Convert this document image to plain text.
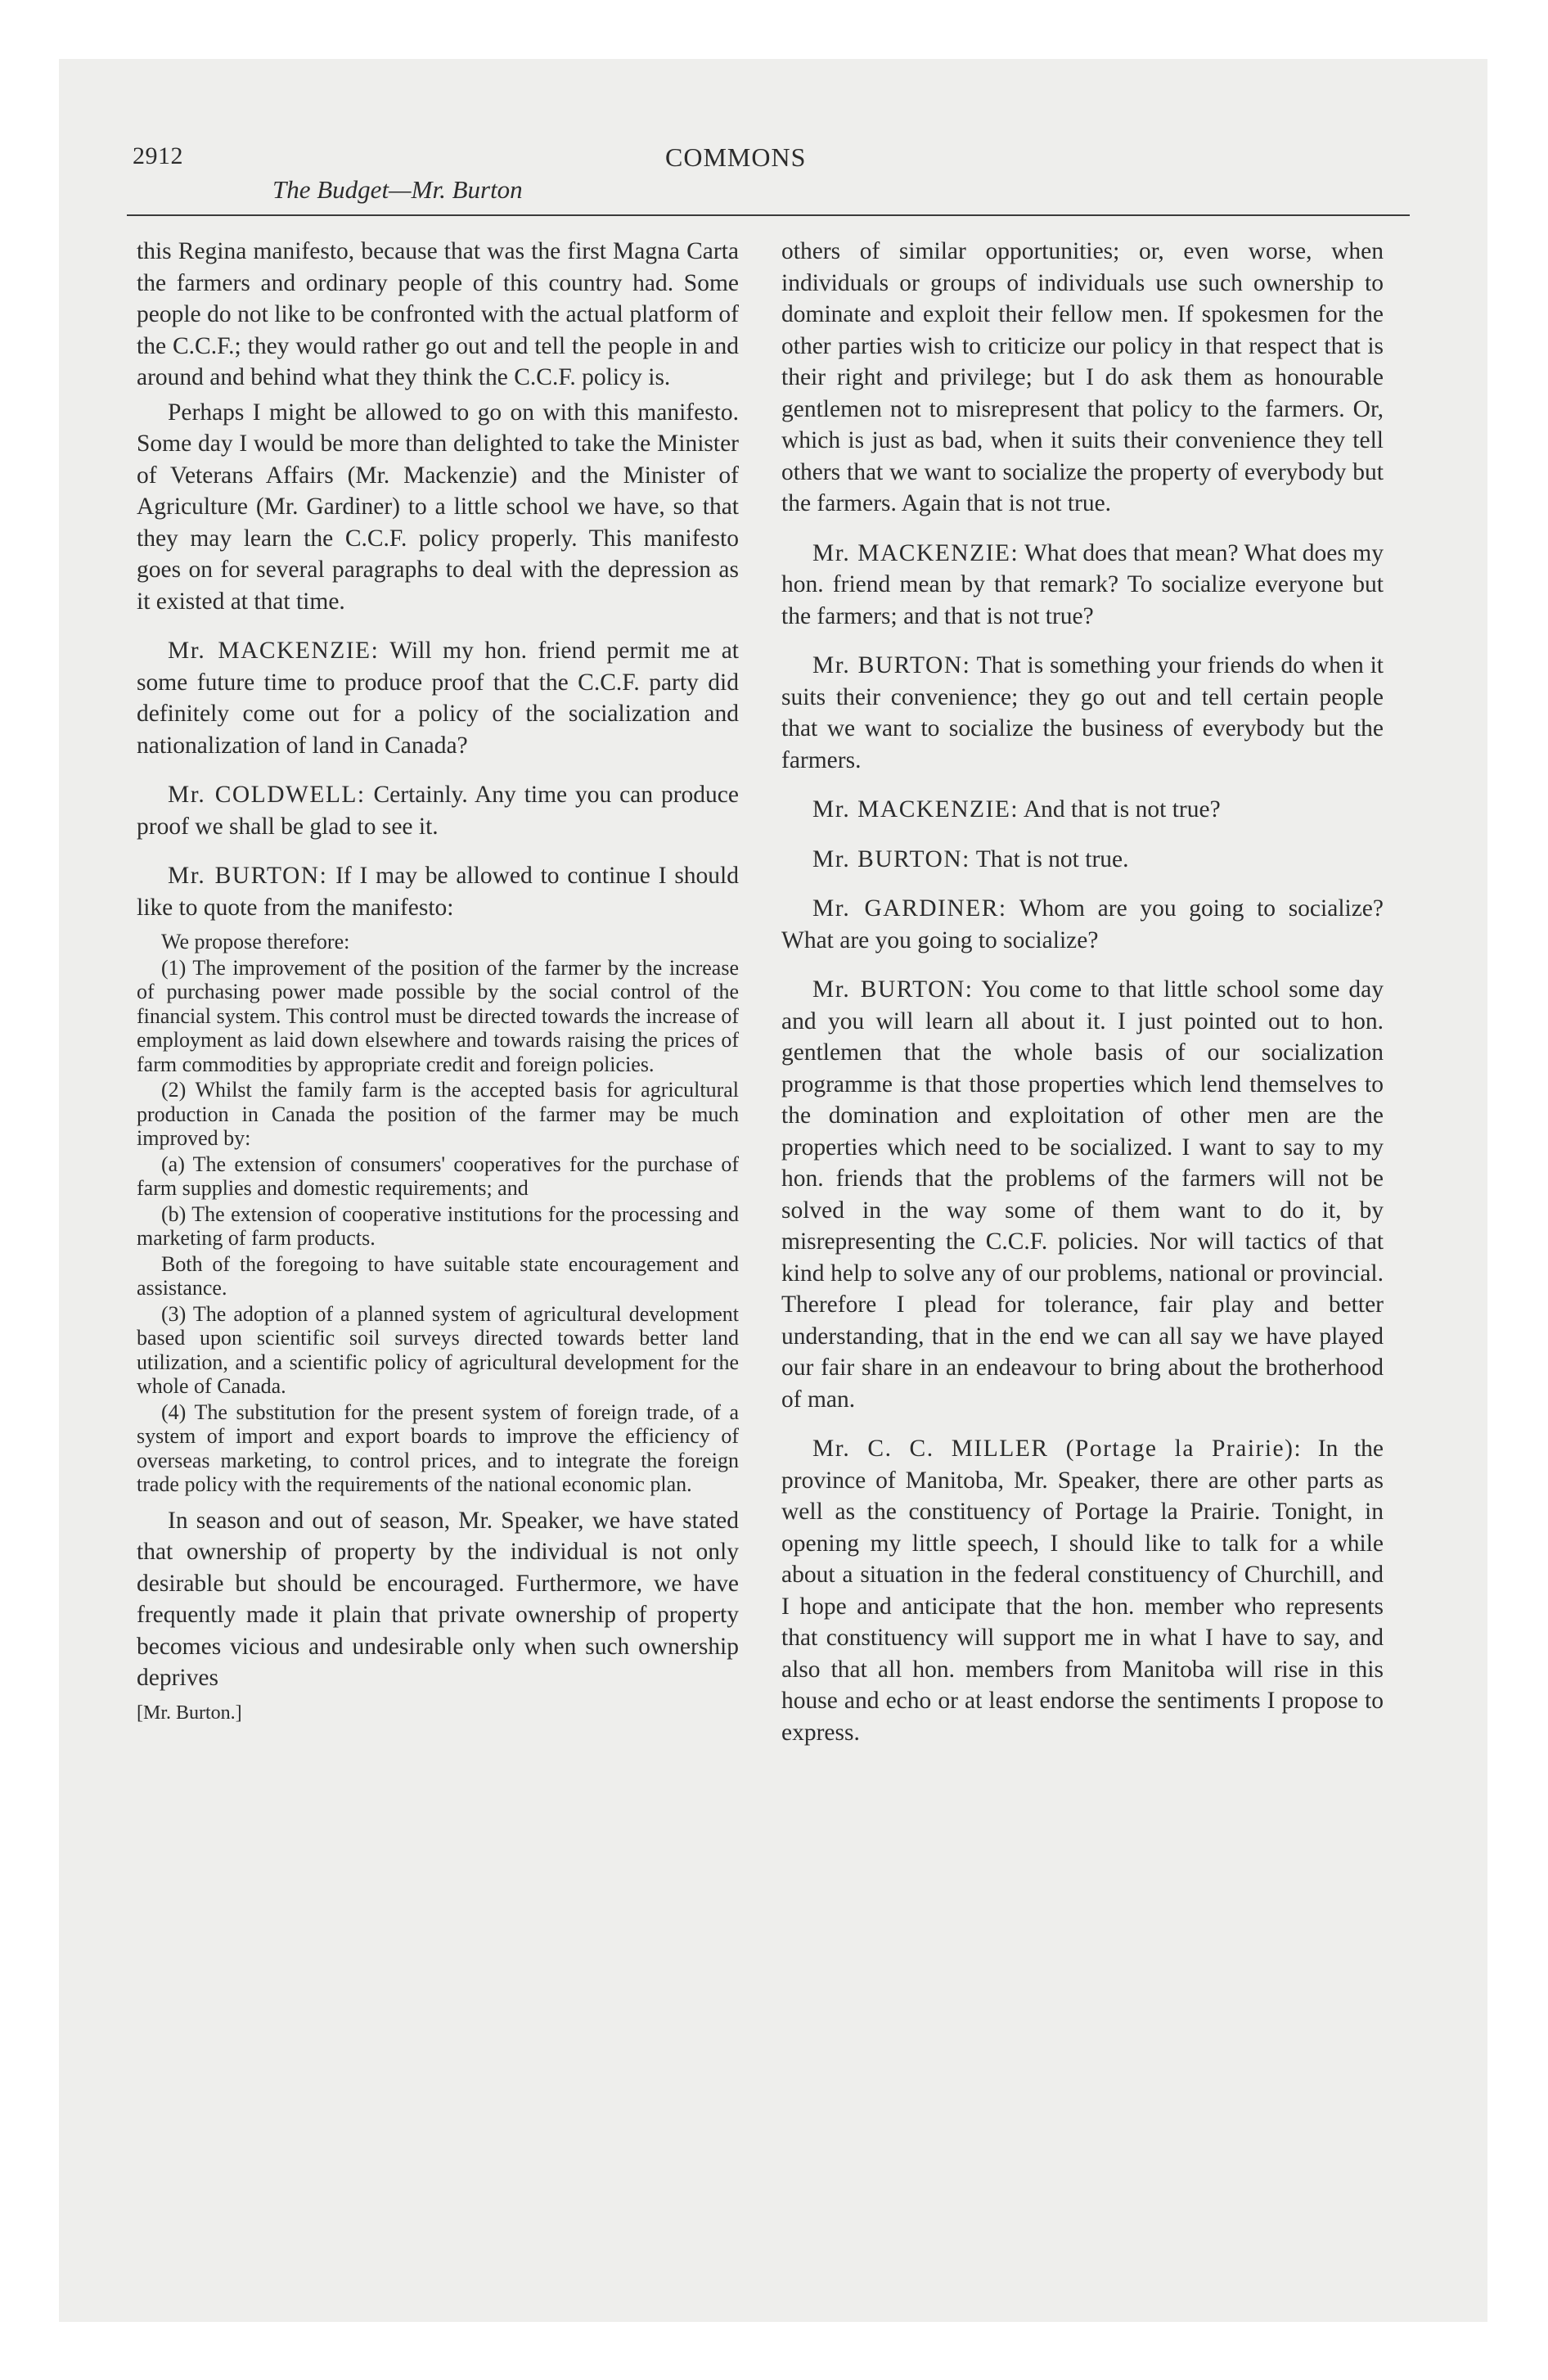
2912	COMMONS
The Budget—Mr. Burton

this Regina manifesto, because that was the first Magna Carta the farmers and ordinary people of this country had. Some people do not like to be confronted with the actual platform of the C.C.F.; they would rather go out and tell the people in and around and behind what they think the C.C.F. policy is.

Perhaps I might be allowed to go on with this manifesto. Some day I would be more than delighted to take the Minister of Veterans Affairs (Mr. Mackenzie) and the Minister of Agriculture (Mr. Gardiner) to a little school we have, so that they may learn the C.C.F. policy properly. This manifesto goes on for several paragraphs to deal with the depression as it existed at that time.

Mr. MACKENZIE: Will my hon. friend permit me at some future time to produce proof that the C.C.F. party did definitely come out for a policy of the socialization and nationalization of land in Canada?

Mr. COLDWELL: Certainly. Any time you can produce proof we shall be glad to see it.

Mr. BURTON: If I may be allowed to continue I should like to quote from the manifesto:

We propose therefore:

(1) The improvement of the position of the farmer by the increase of purchasing power made possible by the social control of the financial system. This control must be directed towards the increase of employment as laid down elsewhere and towards raising the prices of farm commodities by appropriate credit and foreign policies.

(2) Whilst the family farm is the accepted basis for agricultural production in Canada the position of the farmer may be much improved by:

(a) The extension of consumers' cooperatives for the purchase of farm supplies and domestic requirements; and

(b) The extension of cooperative institutions for the processing and marketing of farm products.

Both of the foregoing to have suitable state encouragement and assistance.

(3) The adoption of a planned system of agricultural development based upon scientific soil surveys directed towards better land utilization, and a scientific policy of agricultural development for the whole of Canada.

(4) The substitution for the present system of foreign trade, of a system of import and export boards to improve the efficiency of overseas marketing, to control prices, and to integrate the foreign trade policy with the requirements of the national economic plan.

In season and out of season, Mr. Speaker, we have stated that ownership of property by the individual is not only desirable but should be encouraged. Furthermore, we have frequently made it plain that private ownership of property becomes vicious and undesirable only when such ownership deprives

[Mr. Burton.]

others of similar opportunities; or, even worse, when individuals or groups of individuals use such ownership to dominate and exploit their fellow men. If spokesmen for the other parties wish to criticize our policy in that respect that is their right and privilege; but I do ask them as honourable gentlemen not to misrepresent that policy to the farmers. Or, which is just as bad, when it suits their convenience they tell others that we want to socialize the property of everybody but the farmers. Again that is not true.

Mr. MACKENZIE: What does that mean? What does my hon. friend mean by that remark? To socialize everyone but the farmers; and that is not true?

Mr. BURTON: That is something your friends do when it suits their convenience; they go out and tell certain people that we want to socialize the business of everybody but the farmers.

Mr. MACKENZIE: And that is not true?

Mr. BURTON: That is not true.

Mr. GARDINER: Whom are you going to socialize? What are you going to socialize?

Mr. BURTON: You come to that little school some day and you will learn all about it. I just pointed out to hon. gentlemen that the whole basis of our socialization programme is that those properties which lend themselves to the domination and exploitation of other men are the properties which need to be socialized. I want to say to my hon. friends that the problems of the farmers will not be solved in the way some of them want to do it, by misrepresenting the C.C.F. policies. Nor will tactics of that kind help to solve any of our problems, national or provincial. Therefore I plead for tolerance, fair play and better understanding, that in the end we can all say we have played our fair share in an endeavour to bring about the brotherhood of man.

Mr. C. C. MILLER (Portage la Prairie): In the province of Manitoba, Mr. Speaker, there are other parts as well as the constituency of Portage la Prairie. Tonight, in opening my little speech, I should like to talk for a while about a situation in the federal constituency of Churchill, and I hope and anticipate that the hon. member who represents that constituency will support me in what I have to say, and also that all hon. members from Manitoba will rise in this house and echo or at least endorse the sentiments I propose to express.
